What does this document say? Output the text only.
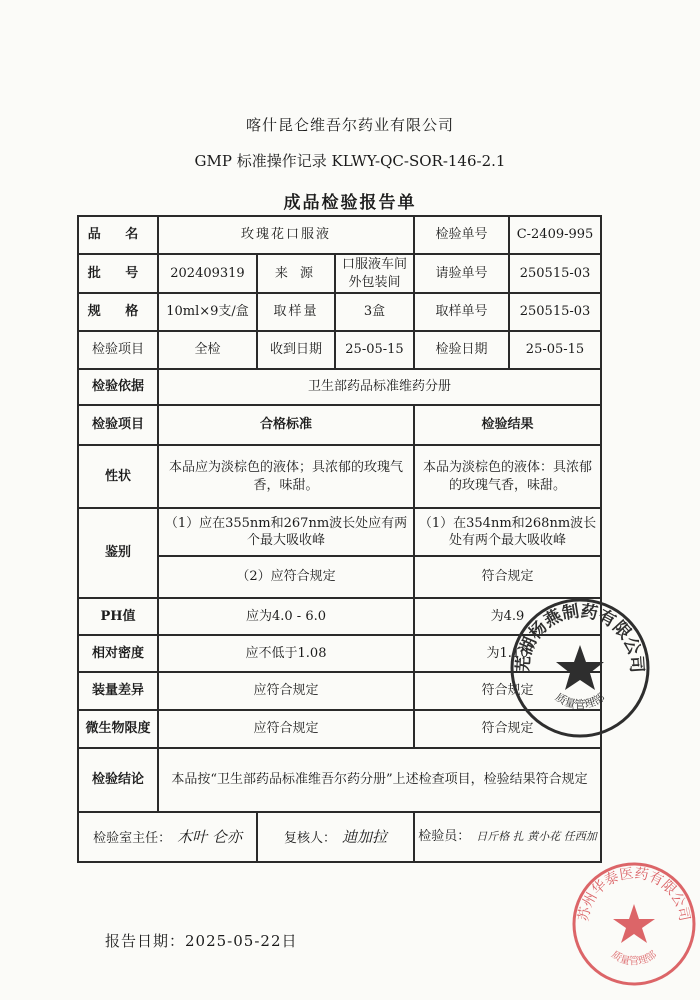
喀什昆仑维吾尔药业有限公司
GMP 标准操作记录 KLWY-QC-SOR-146-2.1
成品检验报告单
品 名	玫瑰花口服液			检验单号	C-2409-995
批 号	202409319	来 源	口服液车间外包装间	请验单号	250515-03
规 格	10ml×9支/盒	取样量	3盒	取样单号	250515-03
检验项目	全检	收到日期	25-05-15	检验日期	25-05-15
检验依据	卫生部药品标准维药分册				
检验项目	合格标准			检验结果	
性状	本品应为淡棕色的液体；具浓郁的玫瑰气香，味甜。			本品为淡棕色的液体：具浓郁的玫瑰气香，味甜。	
鉴别	（1）应在355nm和267nm波长处应有两个最大吸收峰			（1）在354nm和268nm波长处有两个最大吸收峰	
	（2）应符合规定			符合规定	
PH值	应为4.0 - 6.0			为4.9	
相对密度	应不低于1.08			为1.10	
装量差异	应符合规定			符合规定	
微生物限度	应符合规定			符合规定	
检验结论	本品按“卫生部药品标准维吾尔药分册”上述检查项目，检验结果符合规定				
检验室主任： 木叶 仑亦		复核人： 迪加拉		检验员： 日斤格 扎 黄小花 任西加	
报告日期：2025-05-22日
芜湖杨燕制药有限公司
质量管理部
苏州华泰医药有限公司
质量管理部
